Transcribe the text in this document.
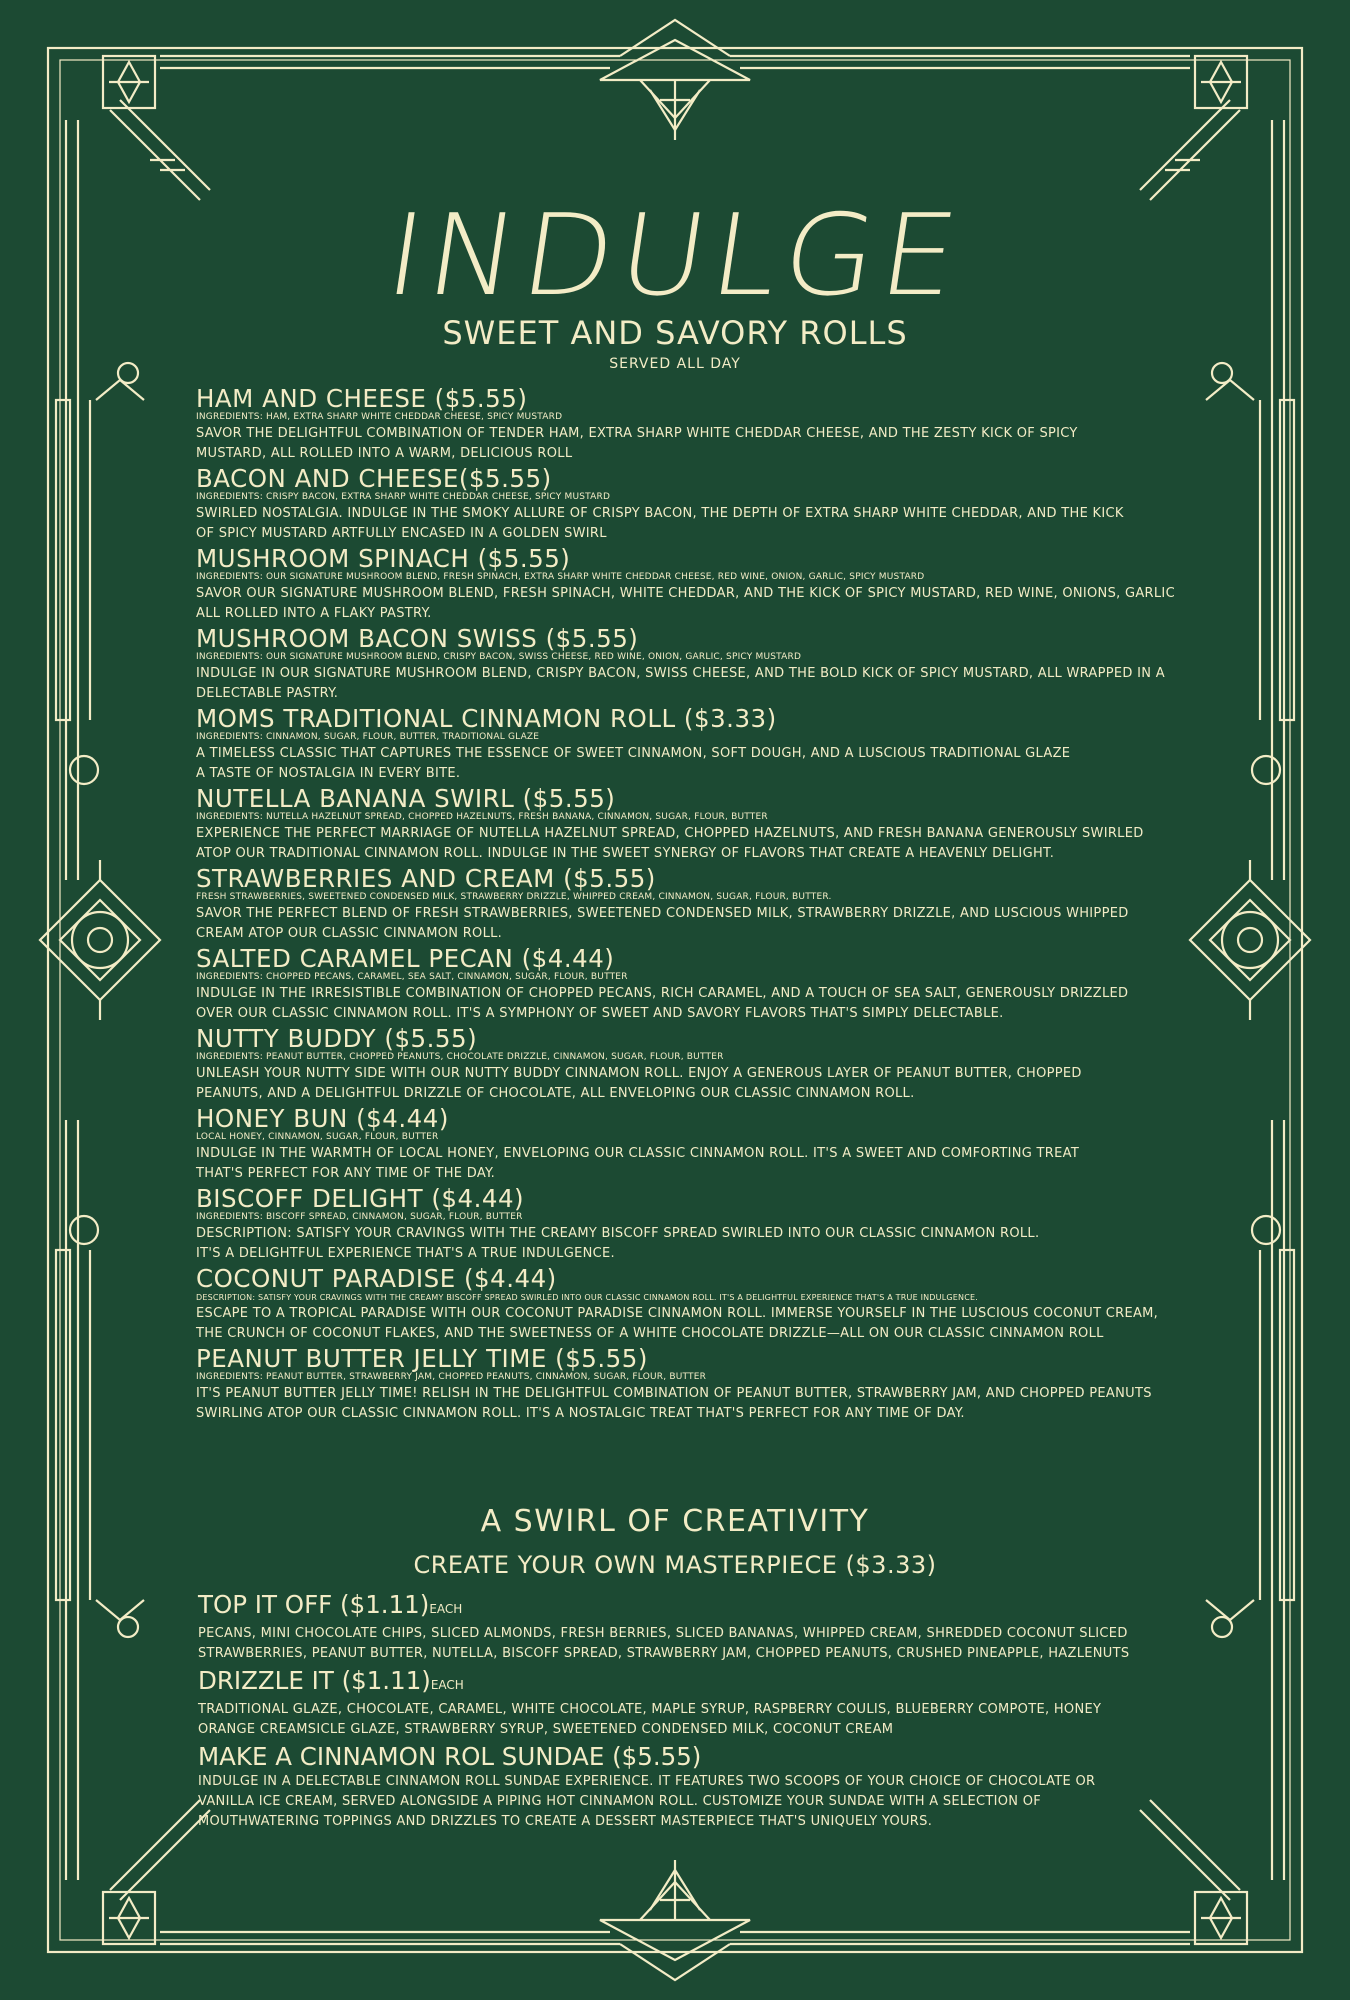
INDULGE
SWEET AND SAVORY ROLLS
SERVED ALL DAY
HAM AND CHEESE ($5.55)
INGREDIENTS: HAM, EXTRA SHARP WHITE CHEDDAR CHEESE, SPICY MUSTARD
SAVOR THE DELIGHTFUL COMBINATION OF TENDER HAM, EXTRA SHARP WHITE CHEDDAR CHEESE, AND THE ZESTY KICK OF SPICY
MUSTARD, ALL ROLLED INTO A WARM, DELICIOUS ROLL
BACON AND CHEESE($5.55)
INGREDIENTS: CRISPY BACON, EXTRA SHARP WHITE CHEDDAR CHEESE, SPICY MUSTARD
SWIRLED NOSTALGIA. INDULGE IN THE SMOKY ALLURE OF CRISPY BACON, THE DEPTH OF EXTRA SHARP WHITE CHEDDAR, AND THE KICK
OF SPICY MUSTARD ARTFULLY ENCASED IN A GOLDEN SWIRL
MUSHROOM SPINACH ($5.55)
INGREDIENTS: OUR SIGNATURE MUSHROOM BLEND, FRESH SPINACH, EXTRA SHARP WHITE CHEDDAR CHEESE, RED WINE, ONION, GARLIC, SPICY MUSTARD
SAVOR OUR SIGNATURE MUSHROOM BLEND, FRESH SPINACH, WHITE CHEDDAR, AND THE KICK OF SPICY MUSTARD, RED WINE, ONIONS, GARLIC
ALL ROLLED INTO A FLAKY PASTRY.
MUSHROOM BACON SWISS ($5.55)
INGREDIENTS: OUR SIGNATURE MUSHROOM BLEND, CRISPY BACON, SWISS CHEESE, RED WINE, ONION, GARLIC, SPICY MUSTARD
INDULGE IN OUR SIGNATURE MUSHROOM BLEND, CRISPY BACON, SWISS CHEESE, AND THE BOLD KICK OF SPICY MUSTARD, ALL WRAPPED IN A
DELECTABLE PASTRY.
MOMS TRADITIONAL CINNAMON ROLL ($3.33)
INGREDIENTS: CINNAMON, SUGAR, FLOUR, BUTTER, TRADITIONAL GLAZE
A TIMELESS CLASSIC THAT CAPTURES THE ESSENCE OF SWEET CINNAMON, SOFT DOUGH, AND A LUSCIOUS TRADITIONAL GLAZE
A TASTE OF NOSTALGIA IN EVERY BITE.
NUTELLA BANANA SWIRL ($5.55)
INGREDIENTS: NUTELLA HAZELNUT SPREAD, CHOPPED HAZELNUTS, FRESH BANANA, CINNAMON, SUGAR, FLOUR, BUTTER
EXPERIENCE THE PERFECT MARRIAGE OF NUTELLA HAZELNUT SPREAD, CHOPPED HAZELNUTS, AND FRESH BANANA GENEROUSLY SWIRLED
ATOP OUR TRADITIONAL CINNAMON ROLL. INDULGE IN THE SWEET SYNERGY OF FLAVORS THAT CREATE A HEAVENLY DELIGHT.
STRAWBERRIES AND CREAM ($5.55)
FRESH STRAWBERRIES, SWEETENED CONDENSED MILK, STRAWBERRY DRIZZLE, WHIPPED CREAM, CINNAMON, SUGAR, FLOUR, BUTTER.
SAVOR THE PERFECT BLEND OF FRESH STRAWBERRIES, SWEETENED CONDENSED MILK, STRAWBERRY DRIZZLE, AND LUSCIOUS WHIPPED
CREAM ATOP OUR CLASSIC CINNAMON ROLL.
SALTED CARAMEL PECAN ($4.44)
INGREDIENTS: CHOPPED PECANS, CARAMEL, SEA SALT, CINNAMON, SUGAR, FLOUR, BUTTER
INDULGE IN THE IRRESISTIBLE COMBINATION OF CHOPPED PECANS, RICH CARAMEL, AND A TOUCH OF SEA SALT, GENEROUSLY DRIZZLED
OVER OUR CLASSIC CINNAMON ROLL. IT'S A SYMPHONY OF SWEET AND SAVORY FLAVORS THAT'S SIMPLY DELECTABLE.
NUTTY BUDDY ($5.55)
INGREDIENTS: PEANUT BUTTER, CHOPPED PEANUTS, CHOCOLATE DRIZZLE, CINNAMON, SUGAR, FLOUR, BUTTER
UNLEASH YOUR NUTTY SIDE WITH OUR NUTTY BUDDY CINNAMON ROLL. ENJOY A GENEROUS LAYER OF PEANUT BUTTER, CHOPPED
PEANUTS, AND A DELIGHTFUL DRIZZLE OF CHOCOLATE, ALL ENVELOPING OUR CLASSIC CINNAMON ROLL.
HONEY BUN ($4.44)
LOCAL HONEY, CINNAMON, SUGAR, FLOUR, BUTTER
INDULGE IN THE WARMTH OF LOCAL HONEY, ENVELOPING OUR CLASSIC CINNAMON ROLL. IT'S A SWEET AND COMFORTING TREAT
THAT'S PERFECT FOR ANY TIME OF THE DAY.
BISCOFF DELIGHT ($4.44)
INGREDIENTS: BISCOFF SPREAD, CINNAMON, SUGAR, FLOUR, BUTTER
DESCRIPTION: SATISFY YOUR CRAVINGS WITH THE CREAMY BISCOFF SPREAD SWIRLED INTO OUR CLASSIC CINNAMON ROLL.
IT'S A DELIGHTFUL EXPERIENCE THAT'S A TRUE INDULGENCE.
COCONUT PARADISE ($4.44)
DESCRIPTION: SATISFY YOUR CRAVINGS WITH THE CREAMY BISCOFF SPREAD SWIRLED INTO OUR CLASSIC CINNAMON ROLL. IT'S A DELIGHTFUL EXPERIENCE THAT'S A TRUE INDULGENCE.
ESCAPE TO A TROPICAL PARADISE WITH OUR COCONUT PARADISE CINNAMON ROLL. IMMERSE YOURSELF IN THE LUSCIOUS COCONUT CREAM,
THE CRUNCH OF COCONUT FLAKES, AND THE SWEETNESS OF A WHITE CHOCOLATE DRIZZLE—ALL ON OUR CLASSIC CINNAMON ROLL
PEANUT BUTTER JELLY TIME ($5.55)
INGREDIENTS: PEANUT BUTTER, STRAWBERRY JAM, CHOPPED PEANUTS, CINNAMON, SUGAR, FLOUR, BUTTER
IT'S PEANUT BUTTER JELLY TIME! RELISH IN THE DELIGHTFUL COMBINATION OF PEANUT BUTTER, STRAWBERRY JAM, AND CHOPPED PEANUTS
SWIRLING ATOP OUR CLASSIC CINNAMON ROLL. IT'S A NOSTALGIC TREAT THAT'S PERFECT FOR ANY TIME OF DAY.
A SWIRL OF CREATIVITY
CREATE YOUR OWN MASTERPIECE ($3.33)
TOP IT OFF ($1.11)EACH
PECANS, MINI CHOCOLATE CHIPS, SLICED ALMONDS, FRESH BERRIES, SLICED BANANAS, WHIPPED CREAM, SHREDDED COCONUT SLICED
STRAWBERRIES, PEANUT BUTTER, NUTELLA, BISCOFF SPREAD, STRAWBERRY JAM, CHOPPED PEANUTS, CRUSHED PINEAPPLE, HAZLENUTS
DRIZZLE IT ($1.11)EACH
TRADITIONAL GLAZE, CHOCOLATE, CARAMEL, WHITE CHOCOLATE, MAPLE SYRUP, RASPBERRY COULIS, BLUEBERRY COMPOTE, HONEY
ORANGE CREAMSICLE GLAZE, STRAWBERRY SYRUP, SWEETENED CONDENSED MILK, COCONUT CREAM
MAKE A CINNAMON ROL SUNDAE ($5.55)
INDULGE IN A DELECTABLE CINNAMON ROLL SUNDAE EXPERIENCE. IT FEATURES TWO SCOOPS OF YOUR CHOICE OF CHOCOLATE OR
VANILLA ICE CREAM, SERVED ALONGSIDE A PIPING HOT CINNAMON ROLL. CUSTOMIZE YOUR SUNDAE WITH A SELECTION OF
MOUTHWATERING TOPPINGS AND DRIZZLES TO CREATE A DESSERT MASTERPIECE THAT'S UNIQUELY YOURS.
